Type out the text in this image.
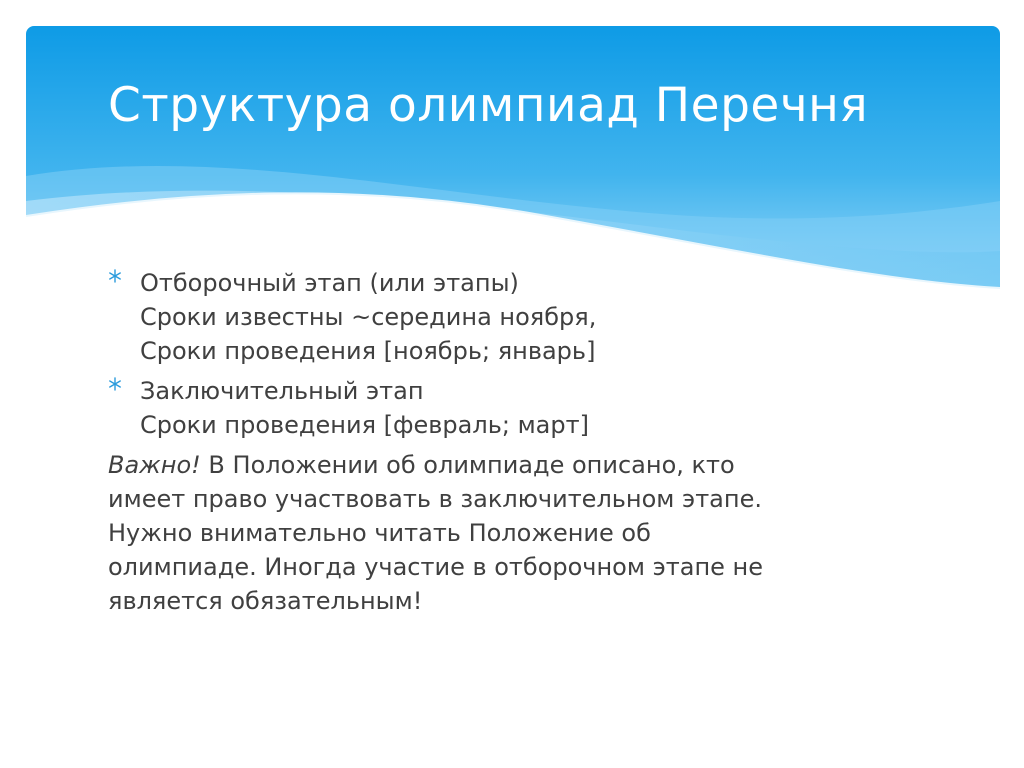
Структура олимпиад Перечня
Отборочный этап (или этапы)
Сроки известны ~середина ноября,
Сроки проведения [ноябрь; январь]
Заключительный этап
Сроки проведения [февраль; март]
Важно! В Положении об олимпиаде описано, кто
имеет право участвовать в заключительном этапе.
Нужно внимательно читать Положение об
олимпиаде. Иногда участие в отборочном этапе не
является обязательным!
